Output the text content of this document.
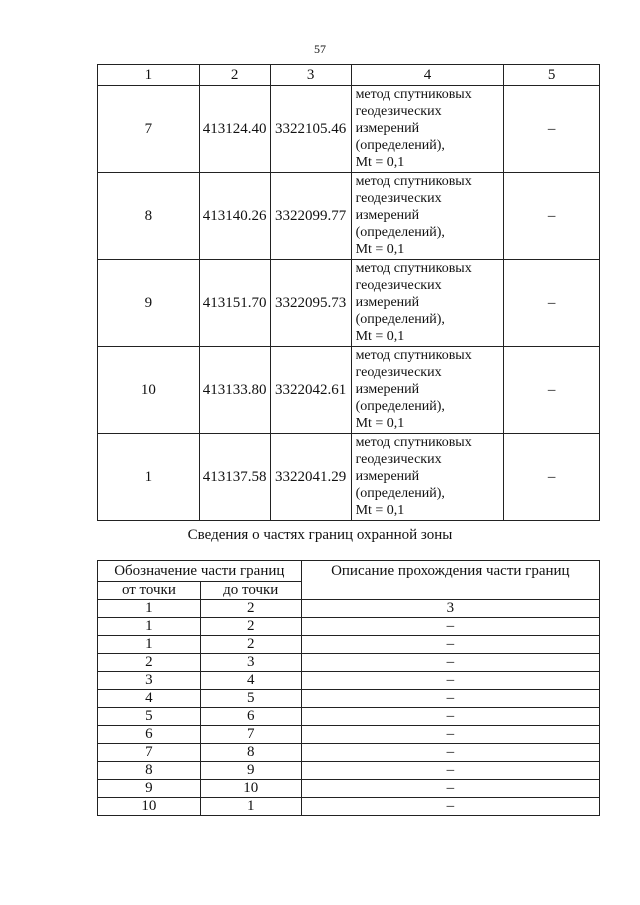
57
1	2	3	4	5
7	413124.40	3322105.46	метод спутниковых
геодезических
измерений
(определений),
Mt = 0,1	–
8	413140.26	3322099.77	метод спутниковых
геодезических
измерений
(определений),
Mt = 0,1	–
9	413151.70	3322095.73	метод спутниковых
геодезических
измерений
(определений),
Mt = 0,1	–
10	413133.80	3322042.61	метод спутниковых
геодезических
измерений
(определений),
Mt = 0,1	–
1	413137.58	3322041.29	метод спутниковых
геодезических
измерений
(определений),
Mt = 0,1	–
Сведения о частях границ охранной зоны
Обозначение части границ		Описание прохождения части границ
от точки	до точки	
1	2	3
1	2	–
1	2	–
2	3	–
3	4	–
4	5	–
5	6	–
6	7	–
7	8	–
8	9	–
9	10	–
10	1	–
